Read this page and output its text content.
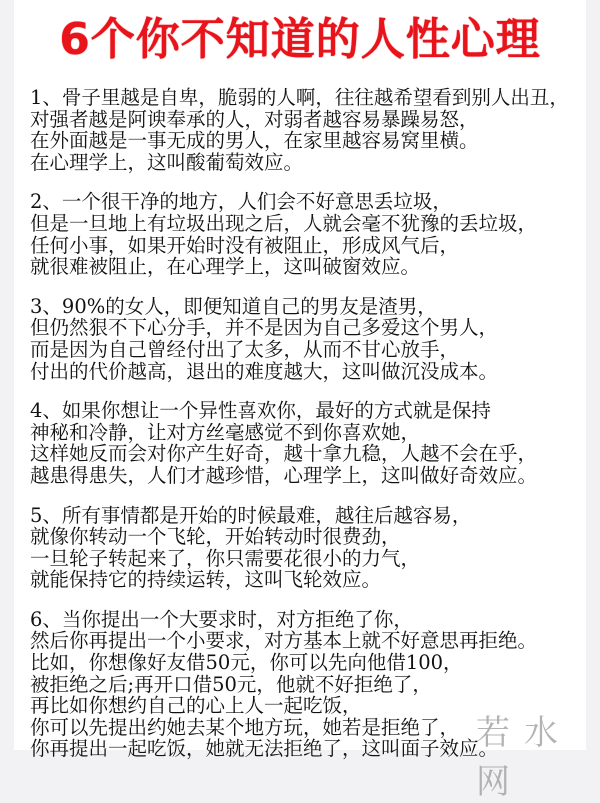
6个你不知道的人性心理
1、骨子里越是自卑，脆弱的人啊，往往越希望看到别人出丑，
对强者越是阿谀奉承的人，对弱者越容易暴躁易怒，
在外面越是一事无成的男人，在家里越容易窝里横。
在心理学上，这叫酸葡萄效应。
2、一个很干净的地方，人们会不好意思丢垃圾，
但是一旦地上有垃圾出现之后，人就会毫不犹豫的丢垃圾，
任何小事，如果开始时没有被阻止，形成风气后，
就很难被阻止，在心理学上，这叫破窗效应。
3、90%的女人，即便知道自己的男友是渣男，
但仍然狠不下心分手，并不是因为自己多爱这个男人，
而是因为自己曾经付出了太多，从而不甘心放手，
付出的代价越高，退出的难度越大，这叫做沉没成本。
4、如果你想让一个异性喜欢你，最好的方式就是保持
神秘和冷静，让对方丝毫感觉不到你喜欢她，
这样她反而会对你产生好奇，越十拿九稳，人越不会在乎，
越患得患失，人们才越珍惜，心理学上，这叫做好奇效应。
5、所有事情都是开始的时候最难，越往后越容易，
就像你转动一个飞轮，开始转动时很费劲，
一旦轮子转起来了，你只需要花很小的力气，
就能保持它的持续运转，这叫飞轮效应。
6、当你提出一个大要求时，对方拒绝了你，
然后你再提出一个小要求，对方基本上就不好意思再拒绝。
比如，你想像好友借50元，你可以先向他借100，
被拒绝之后;再开口借50元，他就不好拒绝了，
再比如你想约自己的心上人一起吃饭，
你可以先提出约她去某个地方玩，她若是拒绝了，
你再提出一起吃饭，她就无法拒绝了，这叫面子效应。
若水网
